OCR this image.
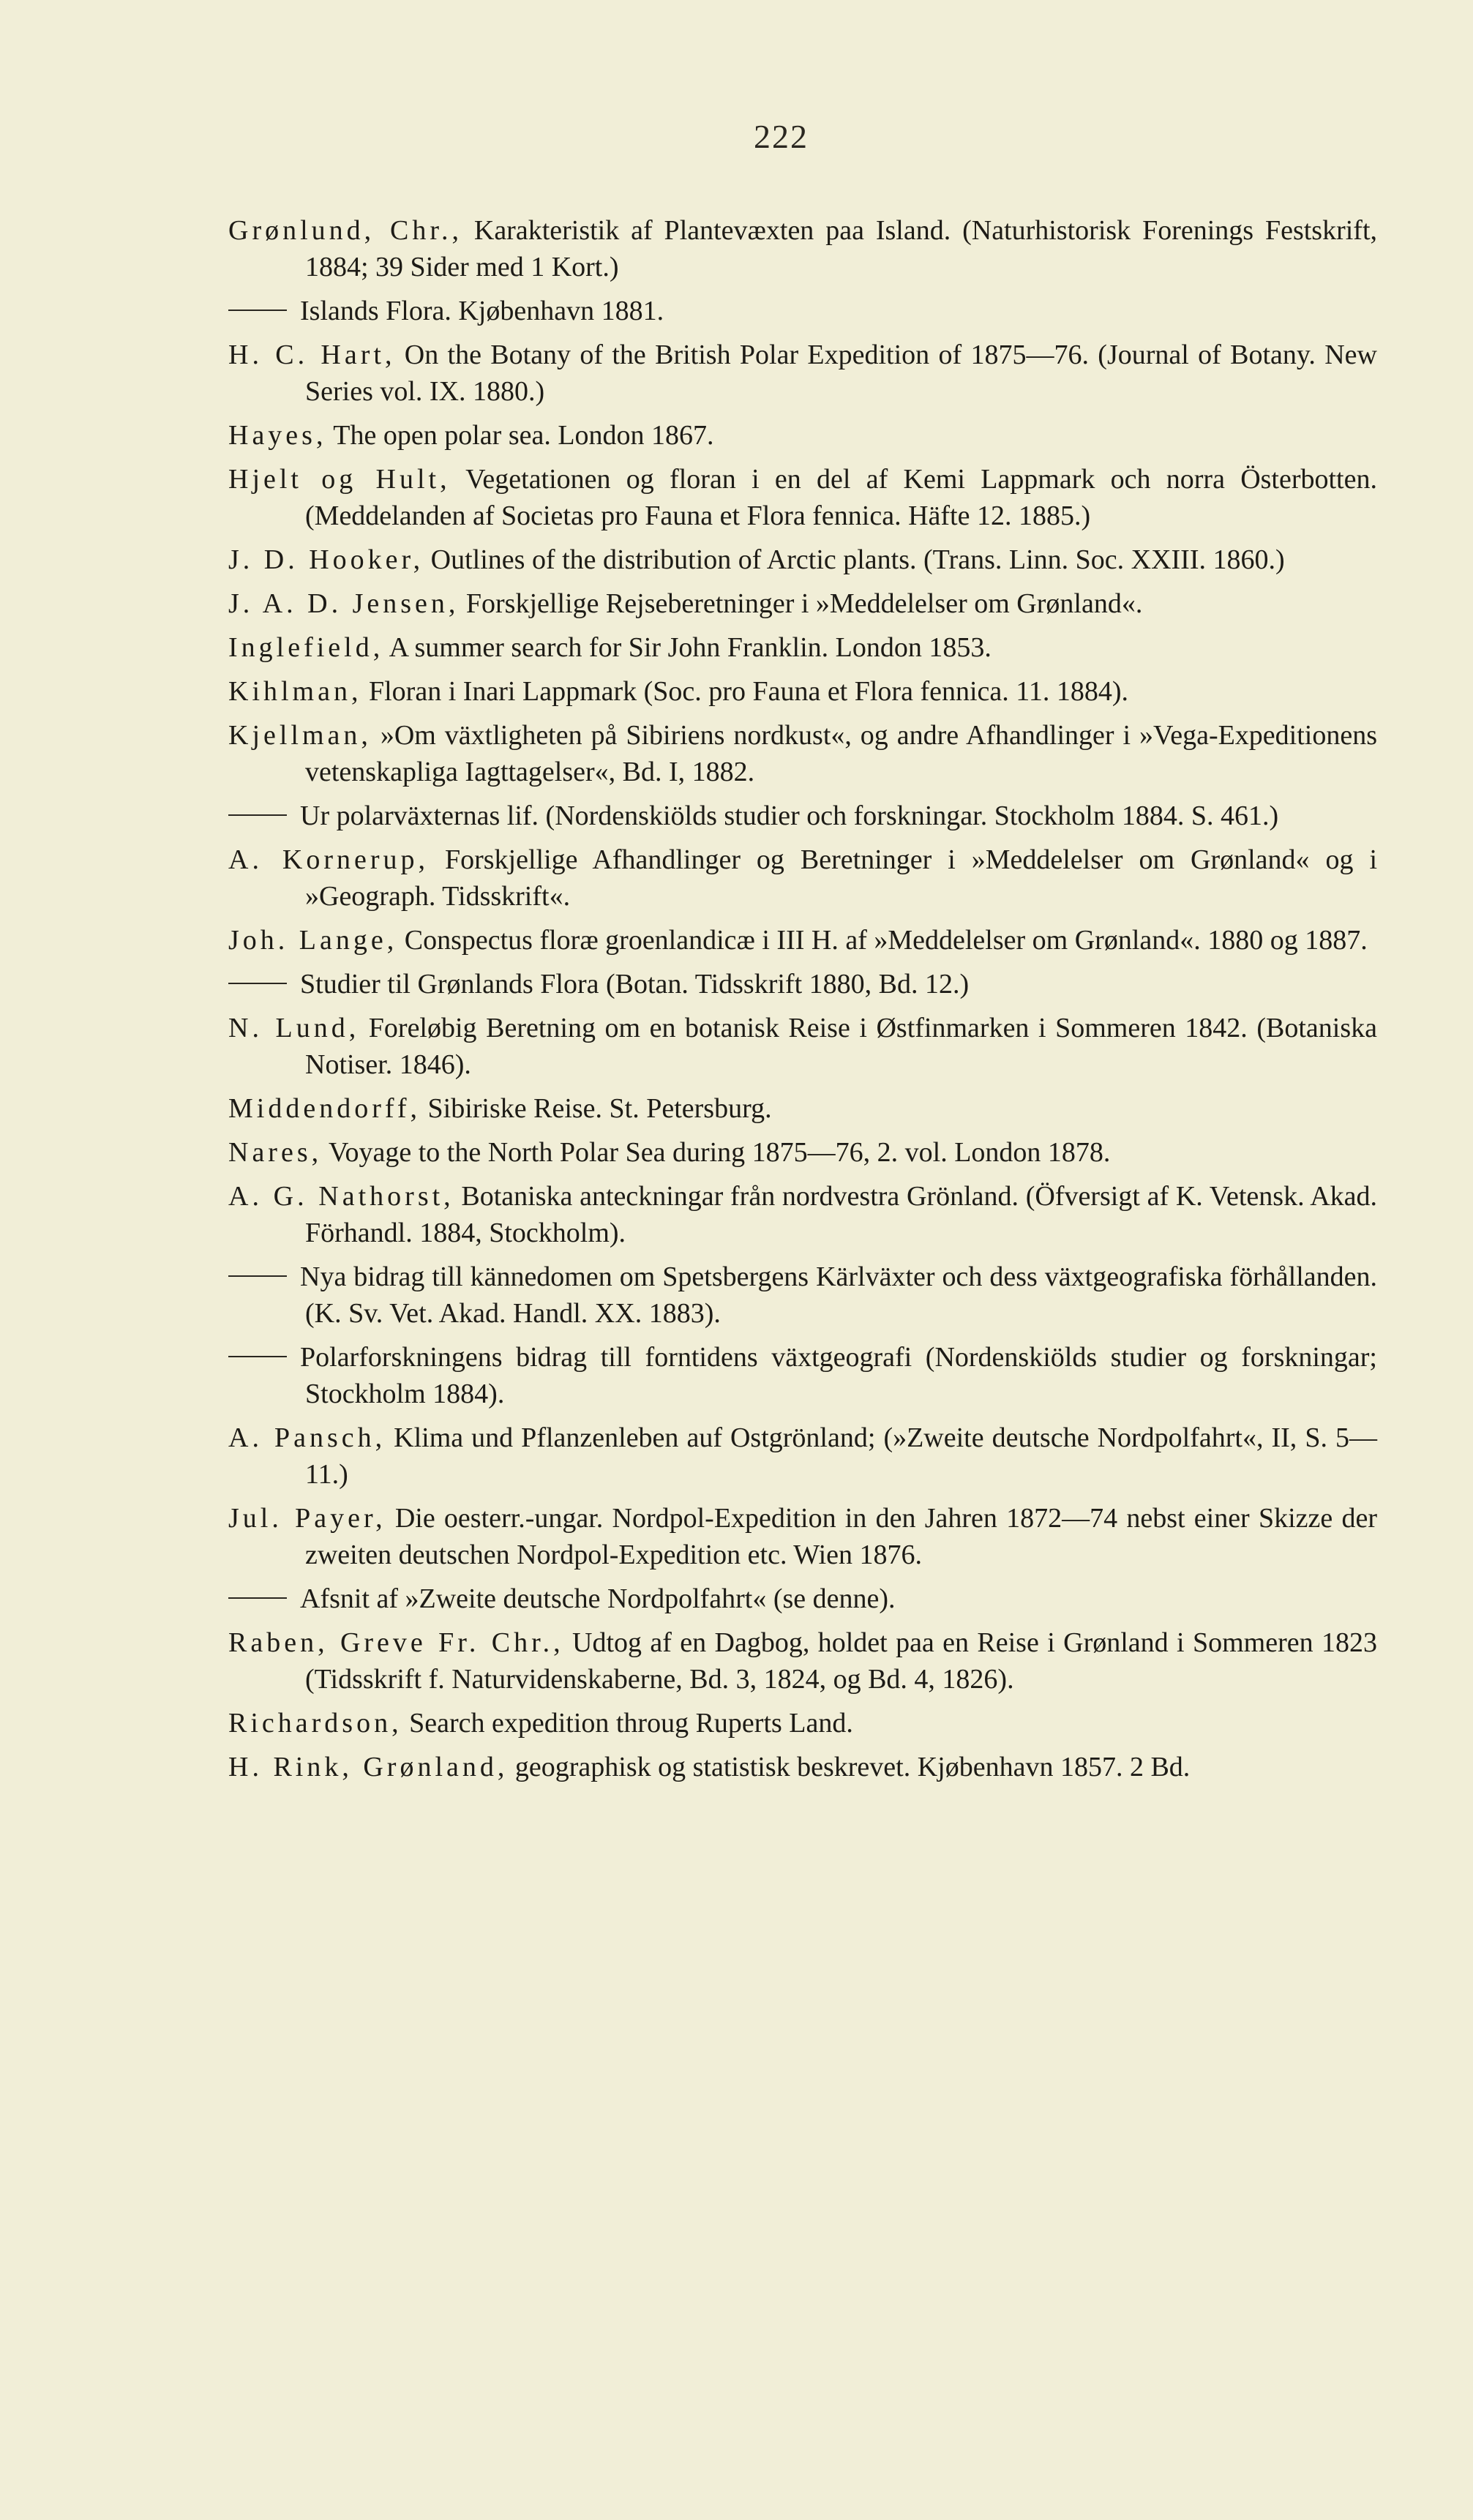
222

Grønlund, Chr., Karakteristik af Plantevæxten paa Island. (Naturhistorisk Forenings Festskrift, 1884; 39 Sider med 1 Kort.)

Islands Flora. Kjøbenhavn 1881.

H. C. Hart, On the Botany of the British Polar Expedition of 1875—76. (Journal of Botany. New Series vol. IX. 1880.)

Hayes, The open polar sea. London 1867.

Hjelt og Hult, Vegetationen og floran i en del af Kemi Lappmark och norra Österbotten. (Meddelanden af Societas pro Fauna et Flora fennica. Häfte 12. 1885.)

J. D. Hooker, Outlines of the distribution of Arctic plants. (Trans. Linn. Soc. XXIII. 1860.)

J. A. D. Jensen, Forskjellige Rejseberetninger i »Meddelelser om Grønland«.

Inglefield, A summer search for Sir John Franklin. London 1853.

Kihlman, Floran i Inari Lappmark (Soc. pro Fauna et Flora fennica. 11. 1884).

Kjellman, »Om växtligheten på Sibiriens nordkust«, og andre Afhandlinger i »Vega-Expeditionens vetenskapliga Iagttagelser«, Bd. I, 1882.

Ur polarväxternas lif. (Nordenskiölds studier och forskningar. Stockholm 1884. S. 461.)

A. Kornerup, Forskjellige Afhandlinger og Beretninger i »Meddelelser om Grønland« og i »Geograph. Tidsskrift«.

Joh. Lange, Conspectus floræ groenlandicæ i III H. af »Meddelelser om Grønland«. 1880 og 1887.

Studier til Grønlands Flora (Botan. Tidsskrift 1880, Bd. 12.)

N. Lund, Foreløbig Beretning om en botanisk Reise i Østfinmarken i Sommeren 1842. (Botaniska Notiser. 1846).

Middendorff, Sibiriske Reise. St. Petersburg.

Nares, Voyage to the North Polar Sea during 1875—76, 2. vol. London 1878.

A. G. Nathorst, Botaniska anteckningar från nordvestra Grönland. (Öfversigt af K. Vetensk. Akad. Förhandl. 1884, Stockholm).

Nya bidrag till kännedomen om Spetsbergens Kärlväxter och dess växtgeografiska förhållanden. (K. Sv. Vet. Akad. Handl. XX. 1883).

Polarforskningens bidrag till forntidens växtgeografi (Nordenskiölds studier og forskningar; Stockholm 1884).

A. Pansch, Klima und Pflanzenleben auf Ostgrönland; (»Zweite deutsche Nordpolfahrt«, II, S. 5—11.)

Jul. Payer, Die oesterr.-ungar. Nordpol-Expedition in den Jahren 1872—74 nebst einer Skizze der zweiten deutschen Nordpol-Expedition etc. Wien 1876.

Afsnit af »Zweite deutsche Nordpolfahrt« (se denne).

Raben, Greve Fr. Chr., Udtog af en Dagbog, holdet paa en Reise i Grønland i Sommeren 1823 (Tidsskrift f. Naturvidenskaberne, Bd. 3, 1824, og Bd. 4, 1826).

Richardson, Search expedition throug Ruperts Land.

H. Rink, Grønland, geographisk og statistisk beskrevet. Kjøbenhavn 1857. 2 Bd.
